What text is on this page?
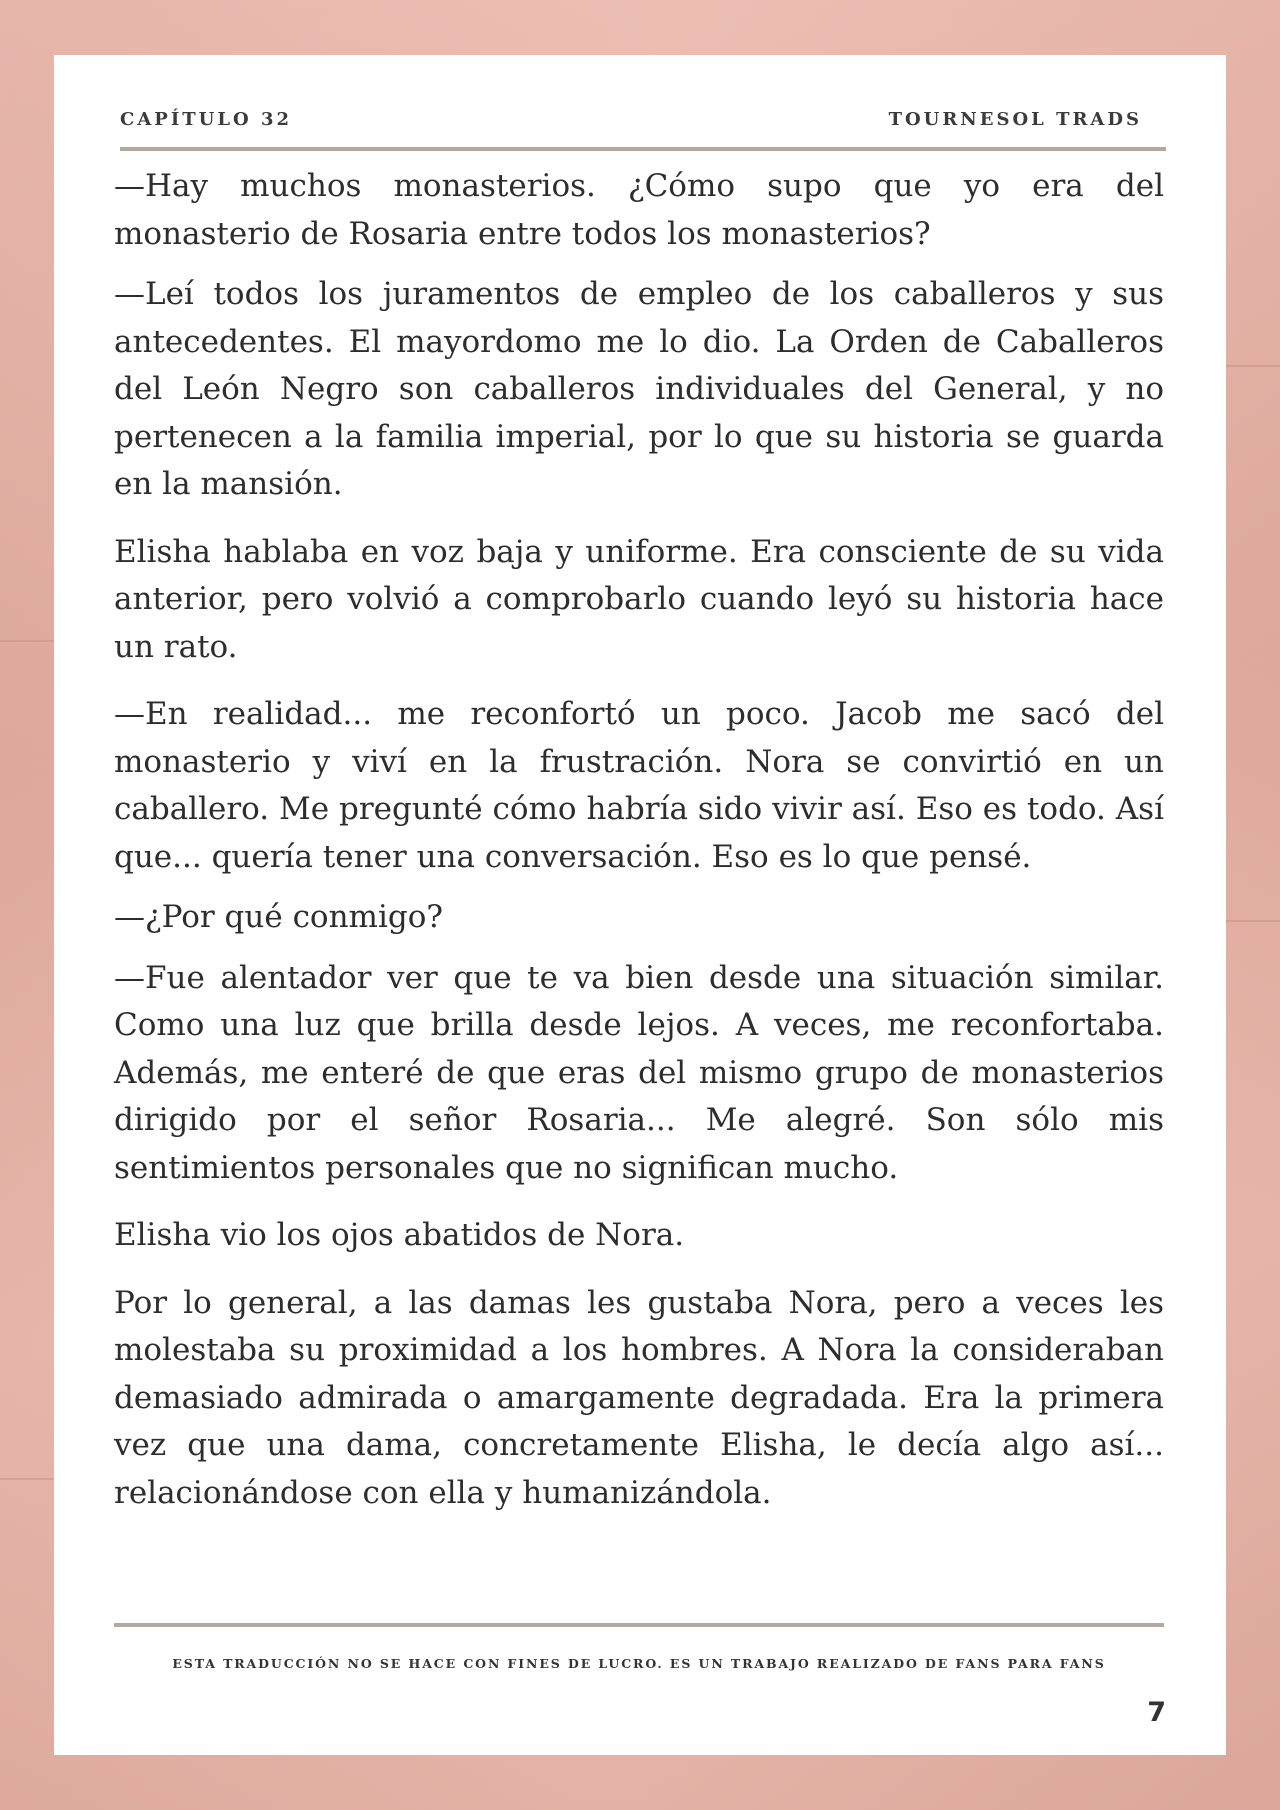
CAPÍTULO 32	TOURNESOL TRADS

—Hay muchos monasterios. ¿Cómo supo que yo era del monasterio de Rosaria entre todos los monasterios?

—Leí todos los juramentos de empleo de los caballeros y sus antecedentes. El mayordomo me lo dio. La Orden de Caballeros del León Negro son caballeros individuales del General, y no pertenecen a la familia imperial, por lo que su historia se guarda en la mansión.

Elisha hablaba en voz baja y uniforme. Era consciente de su vida anterior, pero volvió a comprobarlo cuando leyó su historia hace un rato.

—En realidad... me reconfortó un poco. Jacob me sacó del monasterio y viví en la frustración. Nora se convirtió en un caballero. Me pregunté cómo habría sido vivir así. Eso es todo. Así que... quería tener una conversación. Eso es lo que pensé.

—¿Por qué conmigo?

—Fue alentador ver que te va bien desde una situación similar. Como una luz que brilla desde lejos. A veces, me reconfortaba. Además, me enteré de que eras del mismo grupo de monasterios dirigido por el señor Rosaria... Me alegré. Son sólo mis sentimientos personales que no significan mucho.

Elisha vio los ojos abatidos de Nora.

Por lo general, a las damas les gustaba Nora, pero a veces les molestaba su proximidad a los hombres. A Nora la consideraban demasiado admirada o amargamente degradada. Era la primera vez que una dama, concretamente Elisha, le decía algo así... relacionándose con ella y humanizándola.

ESTA TRADUCCIÓN NO SE HACE CON FINES DE LUCRO. ES UN TRABAJO REALIZADO DE FANS PARA FANS
7
